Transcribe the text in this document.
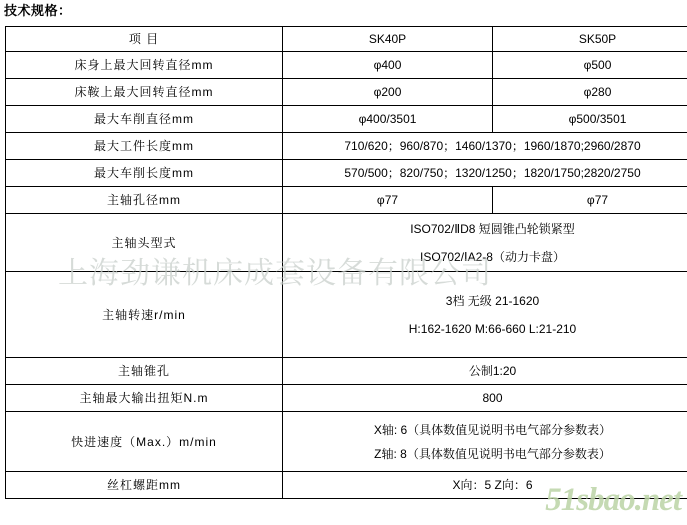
技术规格：
项 目	SK40P	SK50P
床身上最大回转直径mm	φ400	φ500
床鞍上最大回转直径mm	φ200	φ280
最大车削直径mm	φ400/3501	φ500/3501
最大工件长度mm	710/620；960/870；1460/1370；1960/1870;2960/2870	
最大车削长度mm	570/500；820/750；1320/1250；1820/1750;2820/2750	
主轴孔径mm	φ77	φ77
主轴头型式	ISO702/ⅡD8 短圆锥凸轮锁紧型
ISO702/ⅠA2-8（动力卡盘）	

主轴转速r/min	3档 无级 21-1620
H:162-1620 M:66-660 L:21-210	

主轴锥孔	公制1:20	
主轴最大输出扭矩N.m	800	
快进速度（Max.）m/min	X轴: 6（具体数值见说明书电气部分参数表）
Z轴: 8（具体数值见说明书电气部分参数表）	

丝杠螺距mm	X向：5 Z向：6	
上海劲谦机床成套设备有限公司
51sbao.net
